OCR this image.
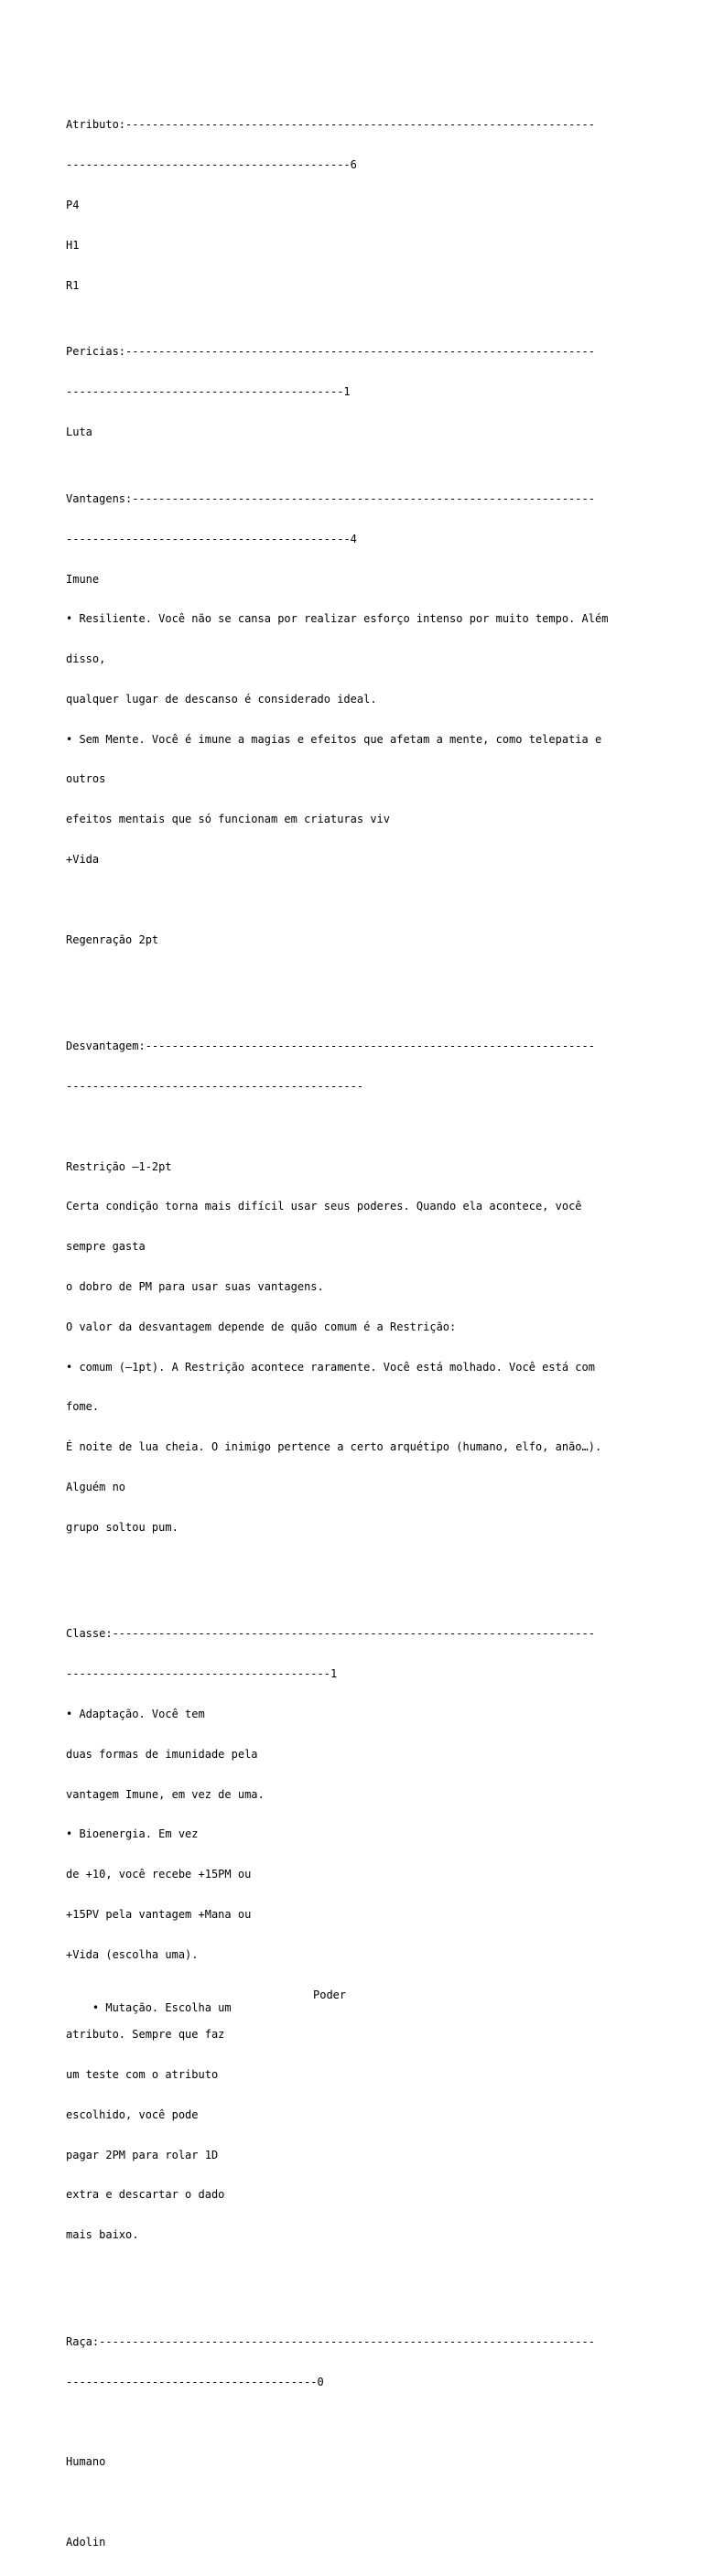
Atributo:-----------------------------------------------------------------------

-------------------------------------------6

P4

H1

R1

Pericias:-----------------------------------------------------------------------

------------------------------------------1

Luta

Vantagens:----------------------------------------------------------------------

-------------------------------------------4

Imune

• Resiliente. Você não se cansa por realizar esforço intenso por muito tempo. Além

disso,

qualquer lugar de descanso é considerado ideal.

• Sem Mente. Você é imune a magias e efeitos que afetam a mente, como telepatia e

outros

efeitos mentais que só funcionam em criaturas viv

+Vida

Regenração 2pt

Desvantagem:--------------------------------------------------------------------

---------------------------------------------

Restrição –1-2pt

Certa condição torna mais difícil usar seus poderes. Quando ela acontece, você

sempre gasta

o dobro de PM para usar suas vantagens.

O valor da desvantagem depende de quão comum é a Restrição:

• comum (–1pt). A Restrição acontece raramente. Você está molhado. Você está com

fome.

É noite de lua cheia. O inimigo pertence a certo arquétipo (humano, elfo, anão…).

Alguém no

grupo soltou pum.

Classe:-------------------------------------------------------------------------

----------------------------------------1

• Adaptação. Você tem

duas formas de imunidade pela

vantagem Imune, em vez de uma.

• Bioenergia. Em vez

de +10, você recebe +15PM ou

+15PV pela vantagem +Mana ou

+Vida (escolha uma).

• Mutação. Escolha um

Poder

atributo. Sempre que faz

um teste com o atributo

escolhido, você pode

pagar 2PM para rolar 1D

extra e descartar o dado

mais baixo.

Raça:---------------------------------------------------------------------------

--------------------------------------0

Humano

Adolin
